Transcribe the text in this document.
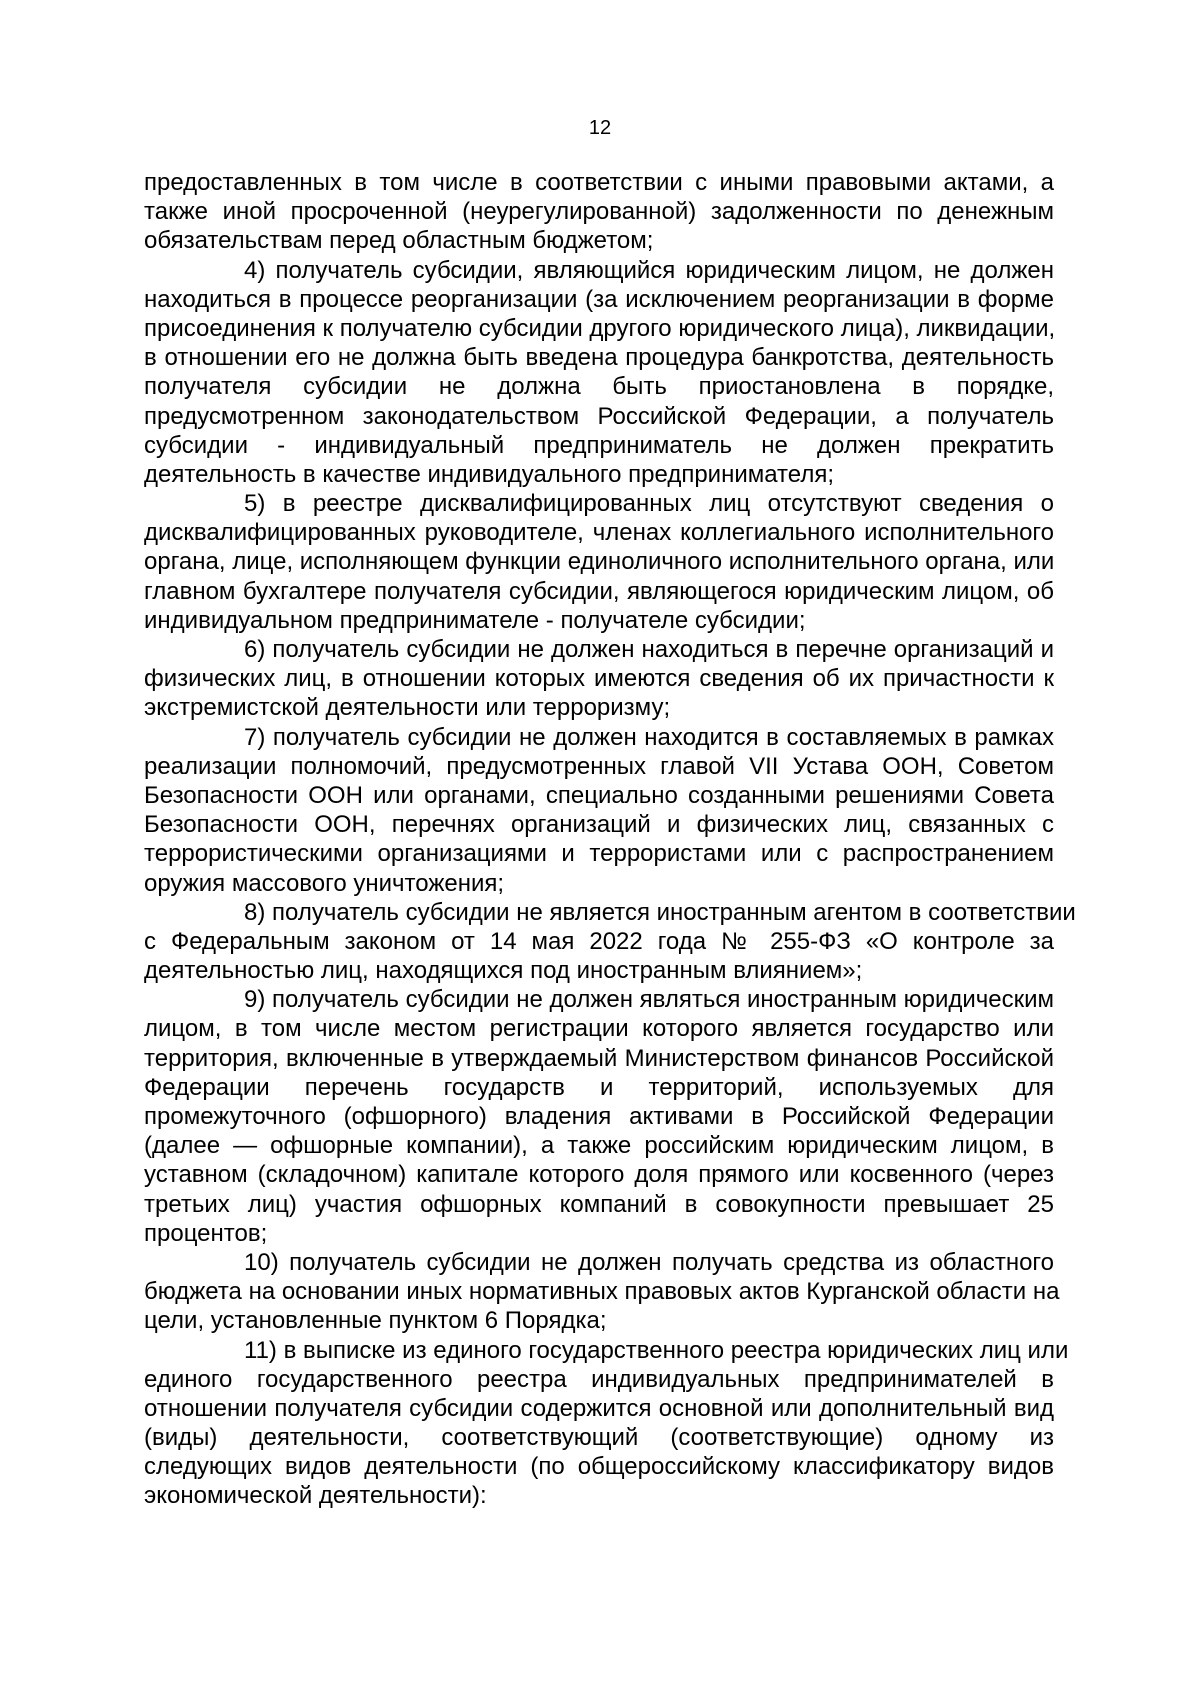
12
предоставленных в том числе в соответствии с иными правовыми актами, а
также иной просроченной (неурегулированной) задолженности по денежным
обязательствам перед областным бюджетом;
4) получатель субсидии, являющийся юридическим лицом, не должен
находиться в процессе реорганизации (за исключением реорганизации в форме
присоединения к получателю субсидии другого юридического лица), ликвидации,
в отношении его не должна быть введена процедура банкротства, деятельность
получателя субсидии не должна быть приостановлена в порядке,
предусмотренном законодательством Российской Федерации, а получатель
субсидии - индивидуальный предприниматель не должен прекратить
деятельность в качестве индивидуального предпринимателя;
5) в реестре дисквалифицированных лиц отсутствуют сведения о
дисквалифицированных руководителе, членах коллегиального исполнительного
органа, лице, исполняющем функции единоличного исполнительного органа, или
главном бухгалтере получателя субсидии, являющегося юридическим лицом, об
индивидуальном предпринимателе - получателе субсидии;
6) получатель субсидии не должен находиться в перечне организаций и
физических лиц, в отношении которых имеются сведения об их причастности к
экстремистской деятельности или терроризму;
7) получатель субсидии не должен находится в составляемых в рамках
реализации полномочий, предусмотренных главой VII Устава ООН, Советом
Безопасности ООН или органами, специально созданными решениями Совета
Безопасности ООН, перечнях организаций и физических лиц, связанных с
террористическими организациями и террористами или с распространением
оружия массового уничтожения;
8) получатель субсидии не является иностранным агентом в соответствии
с Федеральным законом от 14 мая 2022 года № 255-ФЗ «О контроле за
деятельностью лиц, находящихся под иностранным влиянием»;
9) получатель субсидии не должен являться иностранным юридическим
лицом, в том числе местом регистрации которого является государство или
территория, включенные в утверждаемый Министерством финансов Российской
Федерации перечень государств и территорий, используемых для
промежуточного (офшорного) владения активами в Российской Федерации
(далее — офшорные компании), а также российским юридическим лицом, в
уставном (складочном) капитале которого доля прямого или косвенного (через
третьих лиц) участия офшорных компаний в совокупности превышает 25
процентов;
10) получатель субсидии не должен получать средства из областного
бюджета на основании иных нормативных правовых актов Курганской области на
цели, установленные пунктом 6 Порядка;
11) в выписке из единого государственного реестра юридических лиц или
единого государственного реестра индивидуальных предпринимателей в
отношении получателя субсидии содержится основной или дополнительный вид
(виды) деятельности, соответствующий (соответствующие) одному из
следующих видов деятельности (по общероссийскому классификатору видов
экономической деятельности):
